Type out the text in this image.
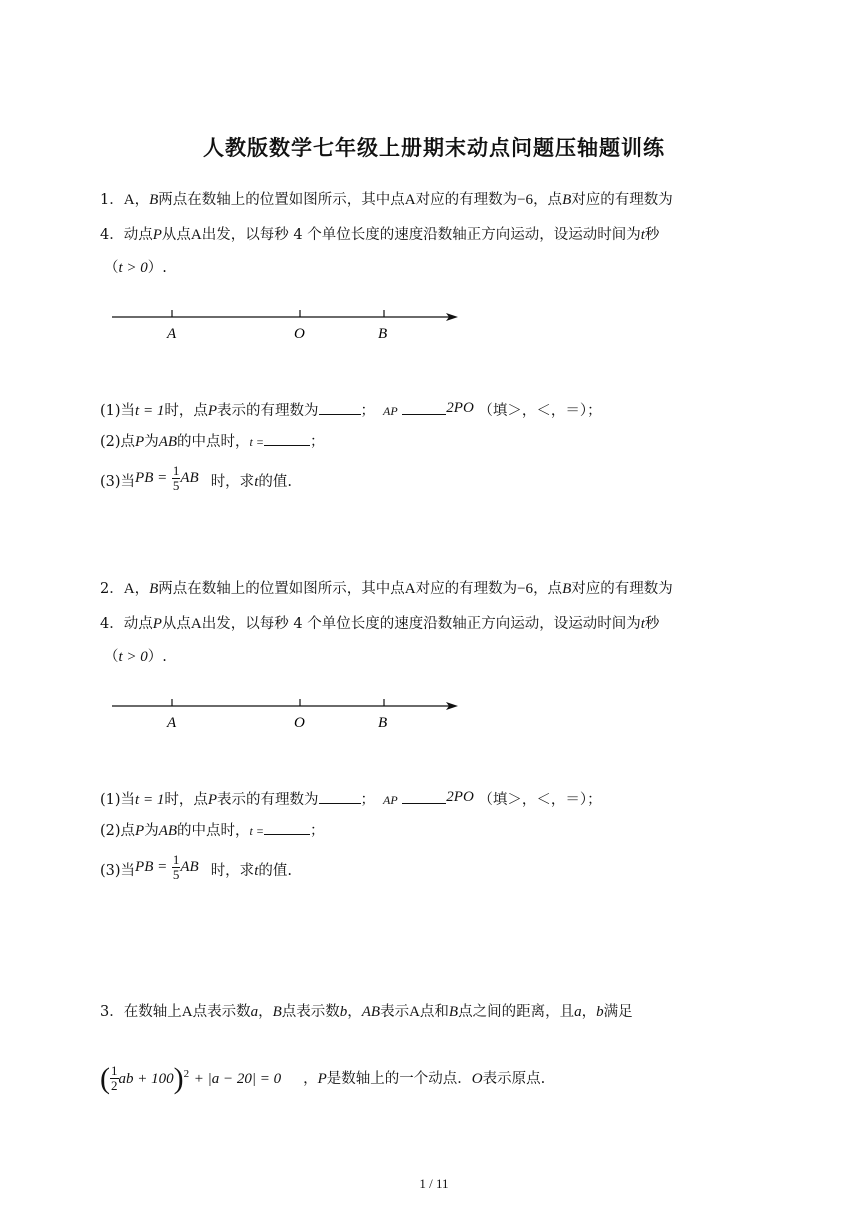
人教版数学七年级上册期末动点问题压轴题训练
1．A，B两点在数轴上的位置如图所示，其中点A对应的有理数为−6，点B对应的有理数为
4．动点P从点A出发，以每秒 4 个单位长度的速度沿数轴正方向运动，设运动时间为t秒
（t > 0）.
A	O	B
(1)当t = 1时，点P表示的有理数为	； AP	2PO （填＞，＜，＝）；
(2)点P为AB的中点时，t =	；
(3)当PB = $\frac{1}{5}$ AB 时，求t的值.
2．A，B两点在数轴上的位置如图所示，其中点A对应的有理数为−6，点B对应的有理数为
4．动点P从点A出发，以每秒 4 个单位长度的速度沿数轴正方向运动，设运动时间为t秒
（t > 0）.
A	O	B
(1)当t = 1时，点P表示的有理数为	； AP	2PO （填＞，＜，＝）；
(2)点P为AB的中点时，t =	；
(3)当PB = $\frac{1}{5}$ AB 时，求t的值.
3．在数轴上A点表示数a，B点表示数b，AB表示A点和B点之间的距离，且a，b满足
( $\frac{1}{2}$ ab + 100)$^2$ + |a − 20| = 0 ，P是数轴上的一个动点．O表示原点.
1 / 11
